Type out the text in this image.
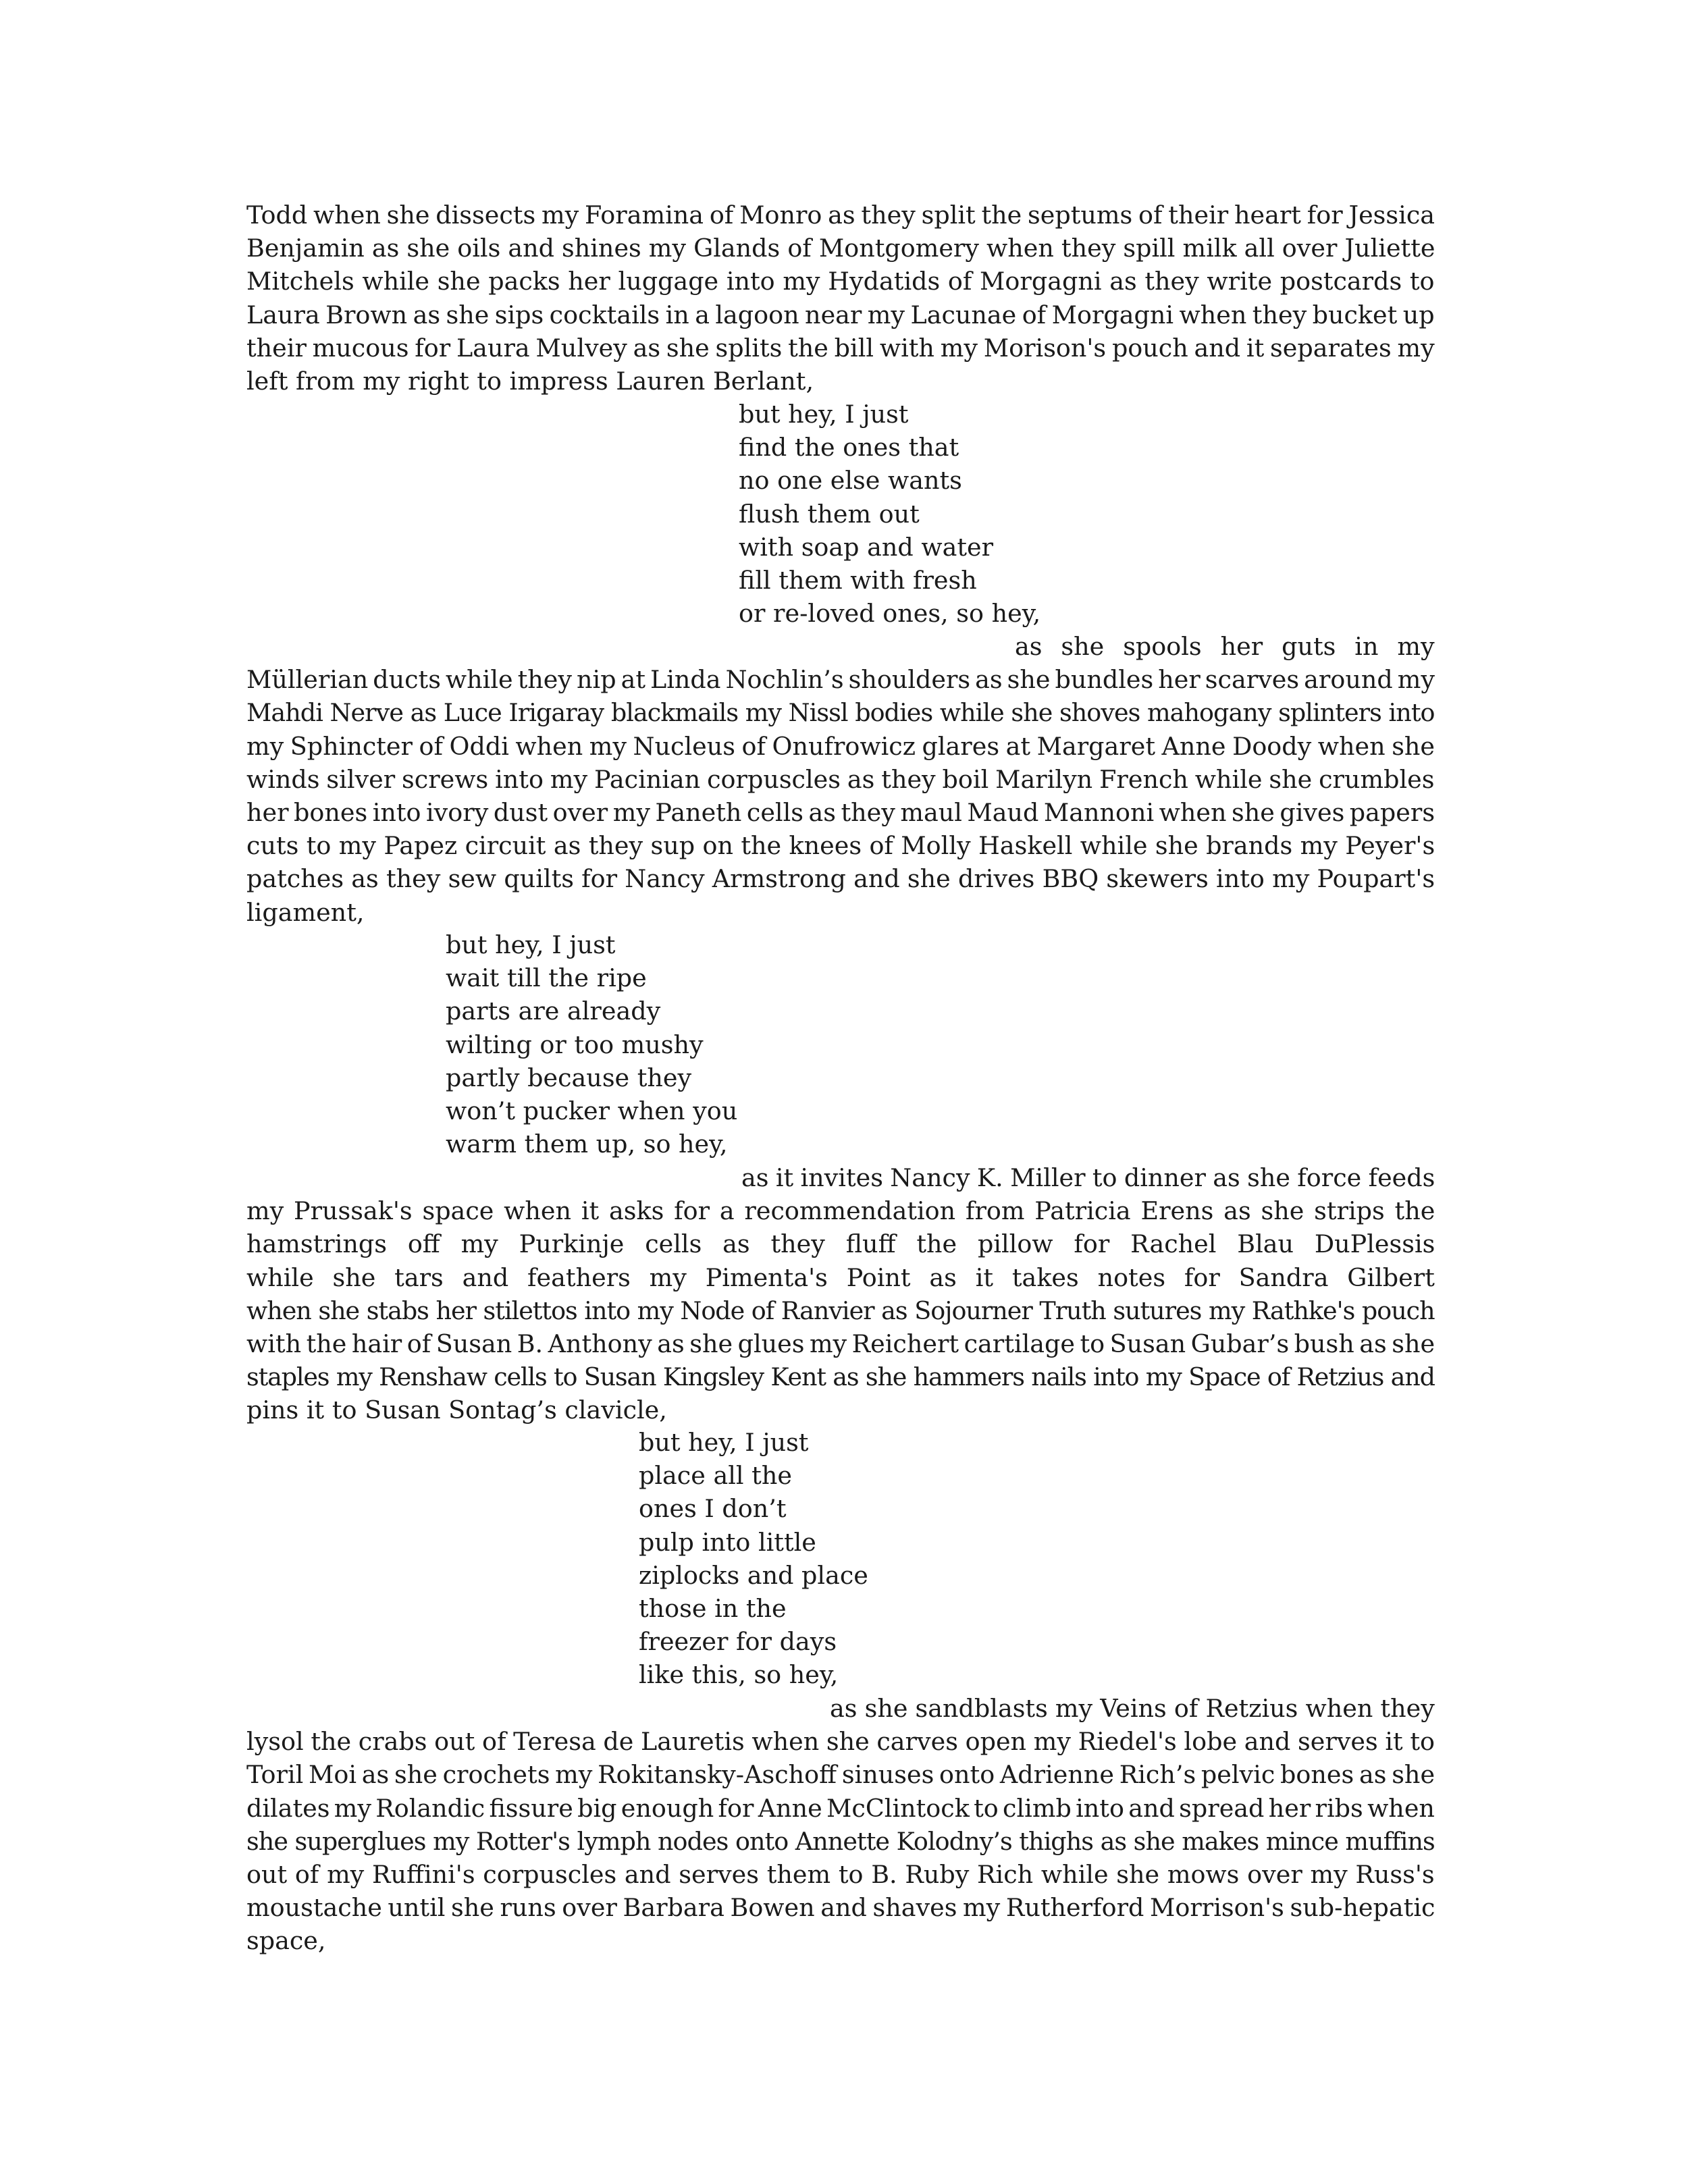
Todd when she dissects my Foramina of Monro as they split the septums of their heart for Jessica
Benjamin as she oils and shines my Glands of Montgomery when they spill milk all over Juliette
Mitchels while she packs her luggage into my Hydatids of Morgagni as they write postcards to
Laura Brown as she sips cocktails in a lagoon near my Lacunae of Morgagni when they bucket up
their mucous for Laura Mulvey as she splits the bill with my Morison's pouch and it separates my
left from my right to impress Lauren Berlant,
but hey, I just
find the ones that
no one else wants
flush them out
with soap and water
fill them with fresh
or re-loved ones, so hey,
as she spools her guts in my
Müllerian ducts while they nip at Linda Nochlin’s shoulders as she bundles her scarves around my
Mahdi Nerve as Luce Irigaray blackmails my Nissl bodies while she shoves mahogany splinters into
my Sphincter of Oddi when my Nucleus of Onufrowicz glares at Margaret Anne Doody when she
winds silver screws into my Pacinian corpuscles as they boil Marilyn French while she crumbles
her bones into ivory dust over my Paneth cells as they maul Maud Mannoni when she gives papers
cuts to my Papez circuit as they sup on the knees of Molly Haskell while she brands my Peyer's
patches as they sew quilts for Nancy Armstrong and she drives BBQ skewers into my Poupart's
ligament,
but hey, I just
wait till the ripe
parts are already
wilting or too mushy
partly because they
won’t pucker when you
warm them up, so hey,
as it invites Nancy K. Miller to dinner as she force feeds
my Prussak's space when it asks for a recommendation from Patricia Erens as she strips the
hamstrings off my Purkinje cells as they fluff the pillow for Rachel Blau DuPlessis
while she tars and feathers my Pimenta's Point as it takes notes for Sandra Gilbert
when she stabs her stilettos into my Node of Ranvier as Sojourner Truth sutures my Rathke's pouch
with the hair of Susan B. Anthony as she glues my Reichert cartilage to Susan Gubar’s bush as she
staples my Renshaw cells to Susan Kingsley Kent as she hammers nails into my Space of Retzius and
pins it to Susan Sontag’s clavicle,
but hey, I just
place all the
ones I don’t
pulp into little
ziplocks and place
those in the
freezer for days
like this, so hey,
as she sandblasts my Veins of Retzius when they
lysol the crabs out of Teresa de Lauretis when she carves open my Riedel's lobe and serves it to
Toril Moi as she crochets my Rokitansky-Aschoff sinuses onto Adrienne Rich’s pelvic bones as she
dilates my Rolandic fissure big enough for Anne McClintock to climb into and spread her ribs when
she superglues my Rotter's lymph nodes onto Annette Kolodny’s thighs as she makes mince muffins
out of my Ruffini's corpuscles and serves them to B. Ruby Rich while she mows over my Russ's
moustache until she runs over Barbara Bowen and shaves my Rutherford Morrison's sub-hepatic
space,
